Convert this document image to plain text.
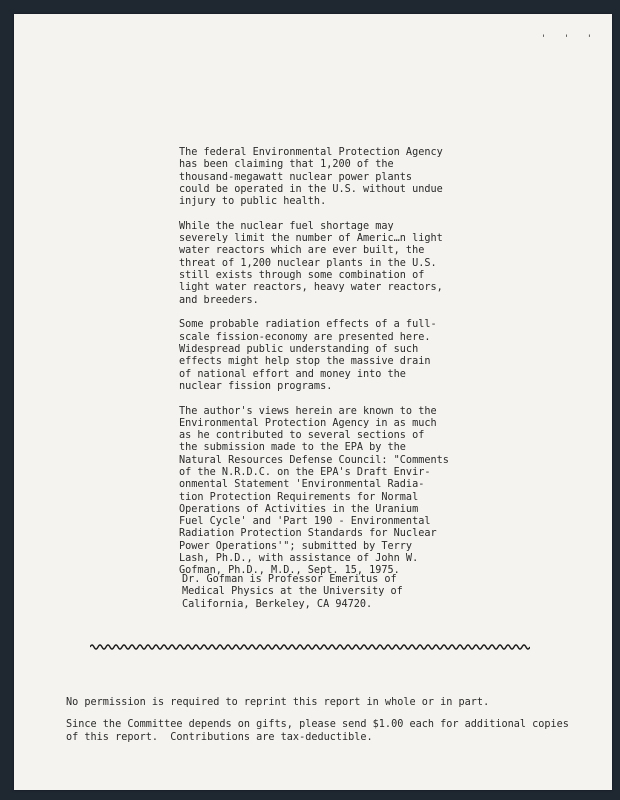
' ' '

The federal Environmental Protection Agency
has been claiming that 1,200 of the
thousand-megawatt nuclear power plants
could be operated in the U.S. without undue
injury to public health.

While the nuclear fuel shortage may
severely limit the number of Americ…n light
water reactors which are ever built, the
threat of 1,200 nuclear plants in the U.S.
still exists through some combination of
light water reactors, heavy water reactors,
and breeders.

Some probable radiation effects of a full-
scale fission-economy are presented here.
Widespread public understanding of such
effects might help stop the massive drain
of national effort and money into the
nuclear fission programs.

The author's views herein are known to the
Environmental Protection Agency in as much
as he contributed to several sections of
the submission made to the EPA by the
Natural Resources Defense Council: "Comments
of the N.R.D.C. on the EPA's Draft Envir-
onmental Statement 'Environmental Radia-
tion Protection Requirements for Normal
Operations of Activities in the Uranium
Fuel Cycle' and 'Part 190 - Environmental
Radiation Protection Standards for Nuclear
Power Operations'"; submitted by Terry
Lash, Ph.D., with assistance of John W.
Gofman, Ph.D., M.D., Sept. 15, 1975.

Dr. Gofman is Professor Emeritus of
Medical Physics at the University of
California, Berkeley, CA 94720.

No permission is required to reprint this report in whole or in part.

Since the Committee depends on gifts, please send $1.00 each for additional copies
of this report.  Contributions are tax-deductible.
